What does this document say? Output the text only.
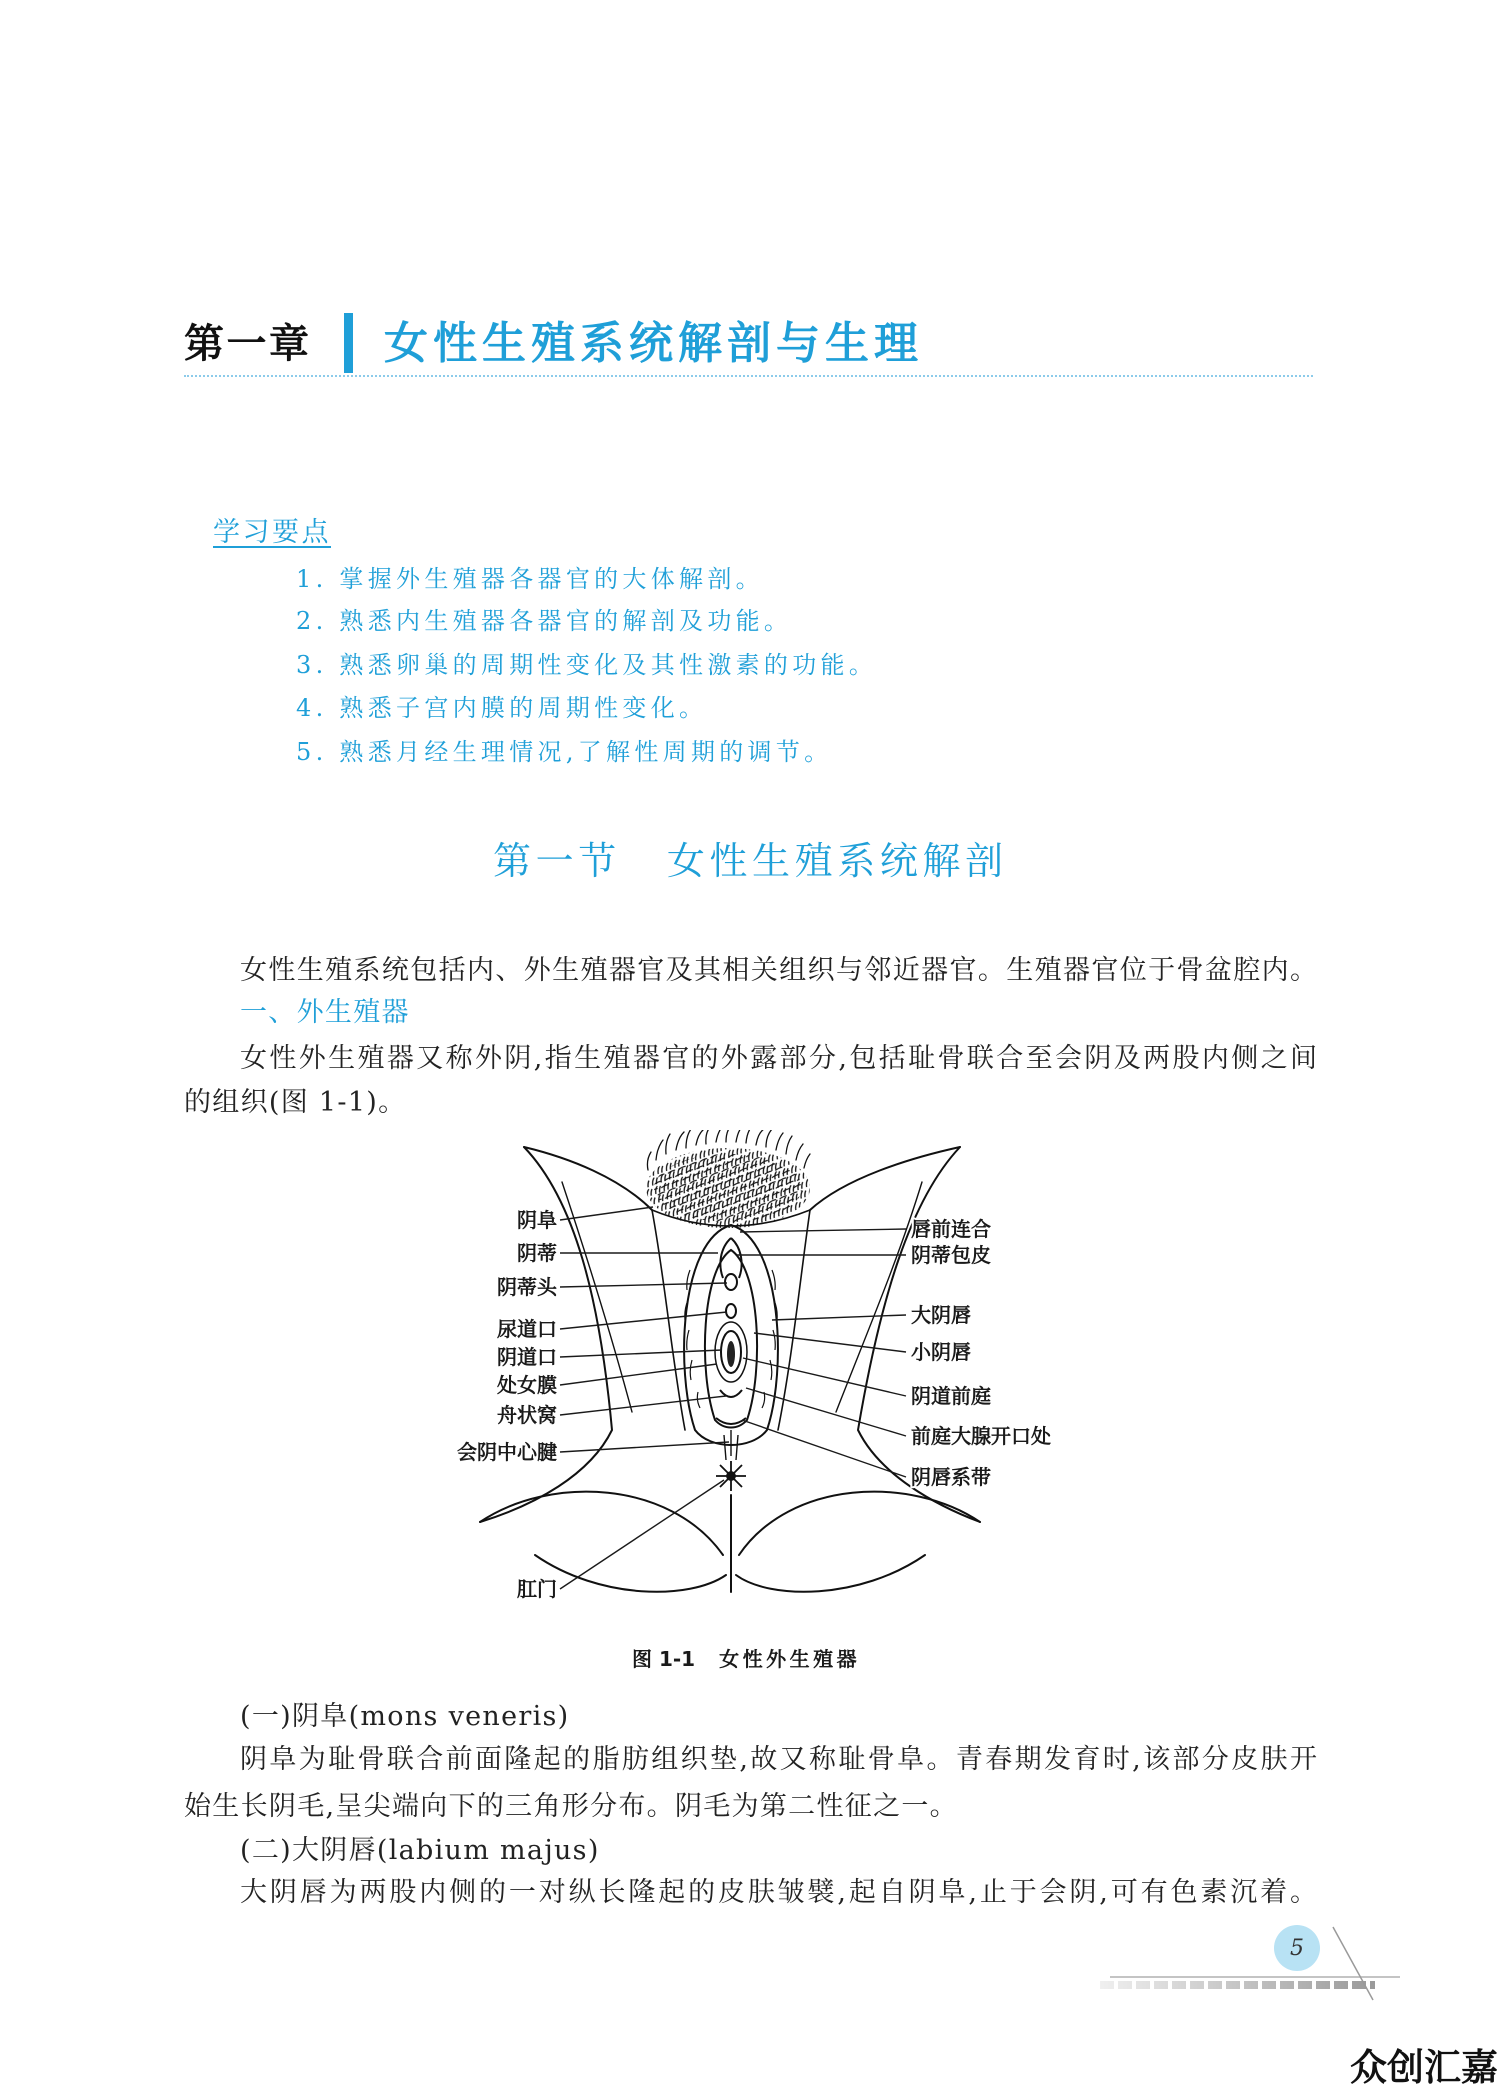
第一章 女性生殖系统解剖与生理
学习要点
1. 掌握外生殖器各器官的大体解剖。
2. 熟悉内生殖器各器官的解剖及功能。
3. 熟悉卵巢的周期性变化及其性激素的功能。
4. 熟悉子宫内膜的周期性变化。
5. 熟悉月经生理情况,了解性周期的调节。
第一节 女性生殖系统解剖
女性生殖系统包括内、外生殖器官及其相关组织与邻近器官。生殖器官位于骨盆腔内。
一、外生殖器
女性外生殖器又称外阴,指生殖器官的外露部分,包括耻骨联合至会阴及两股内侧之间
的组织(图 1-1)。
阴阜
阴蒂
阴蒂头
尿道口
阴道口
处女膜
舟状窝
会阴中心腱
肛门
唇前连合
阴蒂包皮
大阴唇
小阴唇
阴道前庭
前庭大腺开口处
阴唇系带
图 1-1 女性外生殖器
(一)阴阜(mons veneris)
阴阜为耻骨联合前面隆起的脂肪组织垫,故又称耻骨阜。青春期发育时,该部分皮肤开
始生长阴毛,呈尖端向下的三角形分布。阴毛为第二性征之一。
(二)大阴唇(labium majus)
大阴唇为两股内侧的一对纵长隆起的皮肤皱襞,起自阴阜,止于会阴,可有色素沉着。
5
众创汇嘉
